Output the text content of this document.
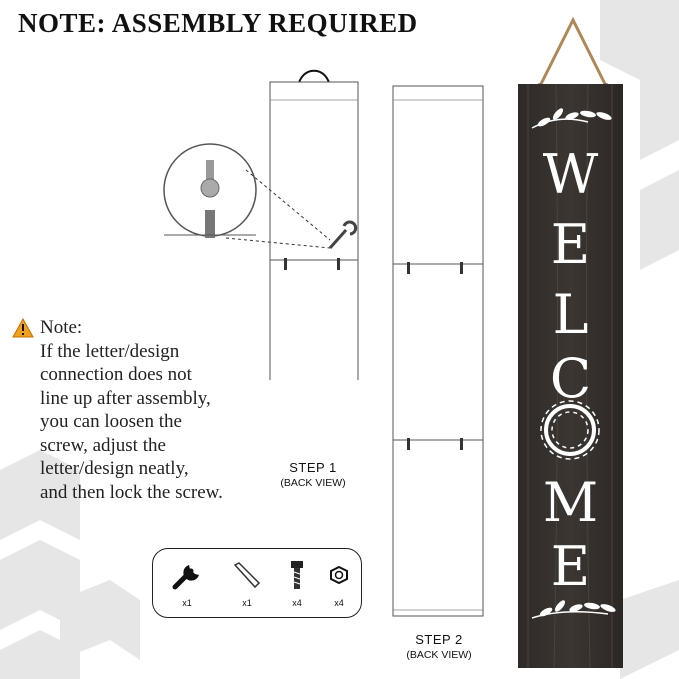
NOTE: ASSEMBLY REQUIRED
STEP 1
(BACK VIEW)
STEP 2
(BACK VIEW)
Note:
If the letter/design
connection does not
line up after assembly,
you can loosen the
screw, adjust the
letter/design neatly,
and then lock the screw.
x1	x1	x4	x4
W
E
L
C
M
E
